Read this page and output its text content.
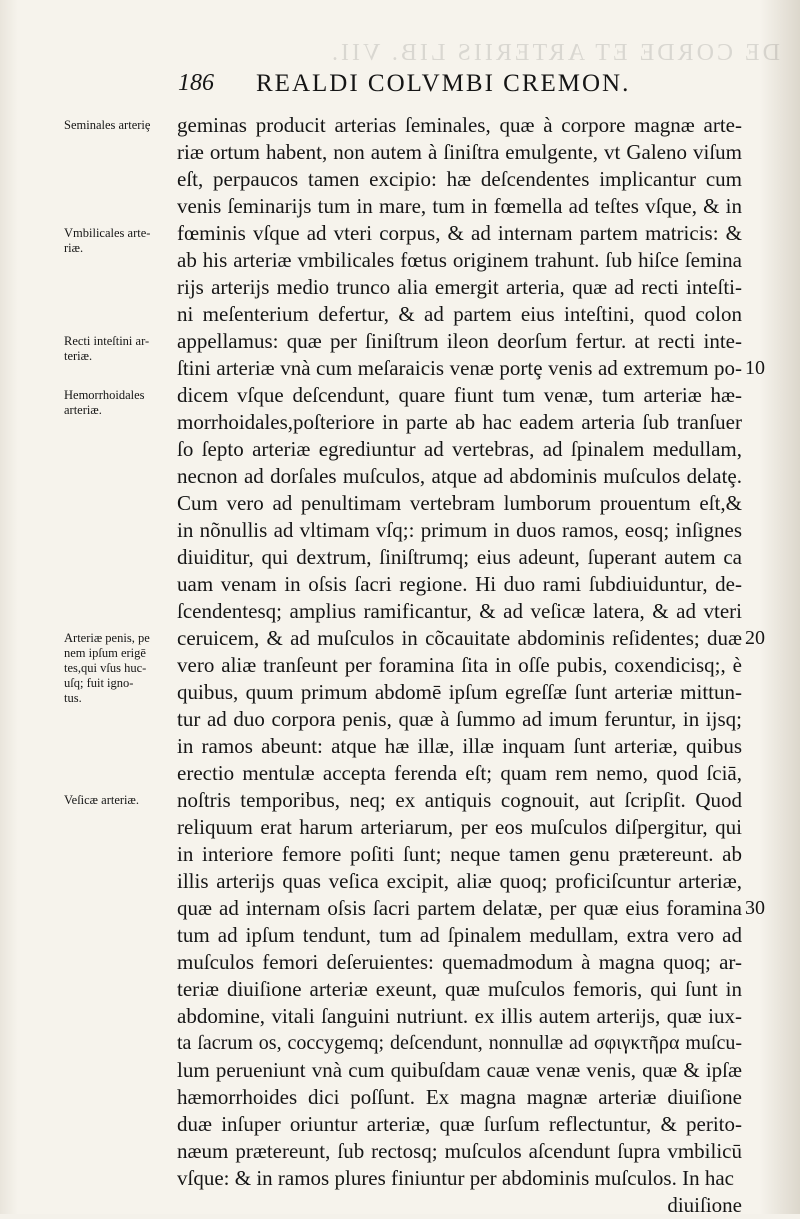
DE CORDE ET ARTERIIS LIB. VII.
186 REALDI COLVMBI CREMON.
Seminales arteriȩ
Vmbilicales arte-
riæ.
Recti inteſtini ar-
teriæ.
Hemorrhoidales
arteriæ.
Arteriæ penis, pe
nem ipſum erigē
tes,qui vſus huc-
uſq; fuit igno-
tus.
Veſicæ arteriæ.
geminas producit arterias ſeminales, quæ à corpore magnæ arte-
riæ ortum habent, non autem à ſiniſtra emulgente, vt Galeno viſum
eſt, perpaucos tamen excipio: hæ deſcendentes implicantur cum
venis ſeminarijs tum in mare, tum in fœmella ad teſtes vſque, & in
fœminis vſque ad vteri corpus, & ad internam partem matricis: &
ab his arteriæ vmbilicales fœtus originem trahunt. ſub hiſce ſemina
rijs arterijs medio trunco alia emergit arteria, quæ ad recti inteſti-
ni meſenterium defertur, & ad partem eius inteſtini, quod colon
appellamus: quæ per ſiniſtrum ileon deorſum fertur. at recti inte-
ſtini arteriæ vnà cum meſaraicis venæ portȩ venis ad extremum po-
dicem vſque deſcendunt, quare fiunt tum venæ, tum arteriæ hæ-
morrhoidales,poſteriore in parte ab hac eadem arteria ſub tranſuer
ſo ſepto arteriæ egrediuntur ad vertebras, ad ſpinalem medullam,
necnon ad dorſales muſculos, atque ad abdominis muſculos delatȩ.
Cum vero ad penultimam vertebram lumborum prouentum eſt,&
in nõnullis ad vltimam vſq;: primum in duos ramos, eosq; inſignes
diuiditur, qui dextrum, ſiniſtrumq; eius adeunt, ſuperant autem ca
uam venam in oſsis ſacri regione. Hi duo rami ſubdiuiduntur, de-
ſcendentesq; amplius ramificantur, & ad veſicæ latera, & ad vteri
ceruicem, & ad muſculos in cõcauitate abdominis reſidentes; duæ
vero aliæ tranſeunt per foramina ſita in oſſe pubis, coxendicisq;, è
quibus, quum primum abdomē ipſum egreſſæ ſunt arteriæ mittun-
tur ad duo corpora penis, quæ à ſummo ad imum feruntur, in ijsq;
in ramos abeunt: atque hæ illæ, illæ inquam ſunt arteriæ, quibus
erectio mentulæ accepta ferenda eſt; quam rem nemo, quod ſciā,
noſtris temporibus, neq; ex antiquis cognouit, aut ſcripſit. Quod
reliquum erat harum arteriarum, per eos muſculos diſpergitur, qui
in interiore femore poſiti ſunt; neque tamen genu prætereunt. ab
illis arterijs quas veſica excipit, aliæ quoq; proficiſcuntur arteriæ,
quæ ad internam oſsis ſacri partem delatæ, per quæ eius foramina
tum ad ipſum tendunt, tum ad ſpinalem medullam, extra vero ad
muſculos femori deſeruientes: quemadmodum à magna quoq; ar-
teriæ diuiſione arteriæ exeunt, quæ muſculos femoris, qui ſunt in
abdomine, vitali ſanguini nutriunt. ex illis autem arterijs, quæ iux-
ta ſacrum os, coccygemq; deſcendunt, nonnullæ ad σφιγκτῆρα muſcu-
lum perueniunt vnà cum quibuſdam cauæ venæ venis, quæ & ipſæ
hæmorrhoides dici poſſunt. Ex magna magnæ arteriæ diuiſione
duæ inſuper oriuntur arteriæ, quæ ſurſum reflectuntur, & perito-
næum prætereunt, ſub rectosq; muſculos aſcendunt ſupra vmbilicū
vſque: & in ramos plures finiuntur per abdominis muſculos. In hac
diuiſione
10
20
30
